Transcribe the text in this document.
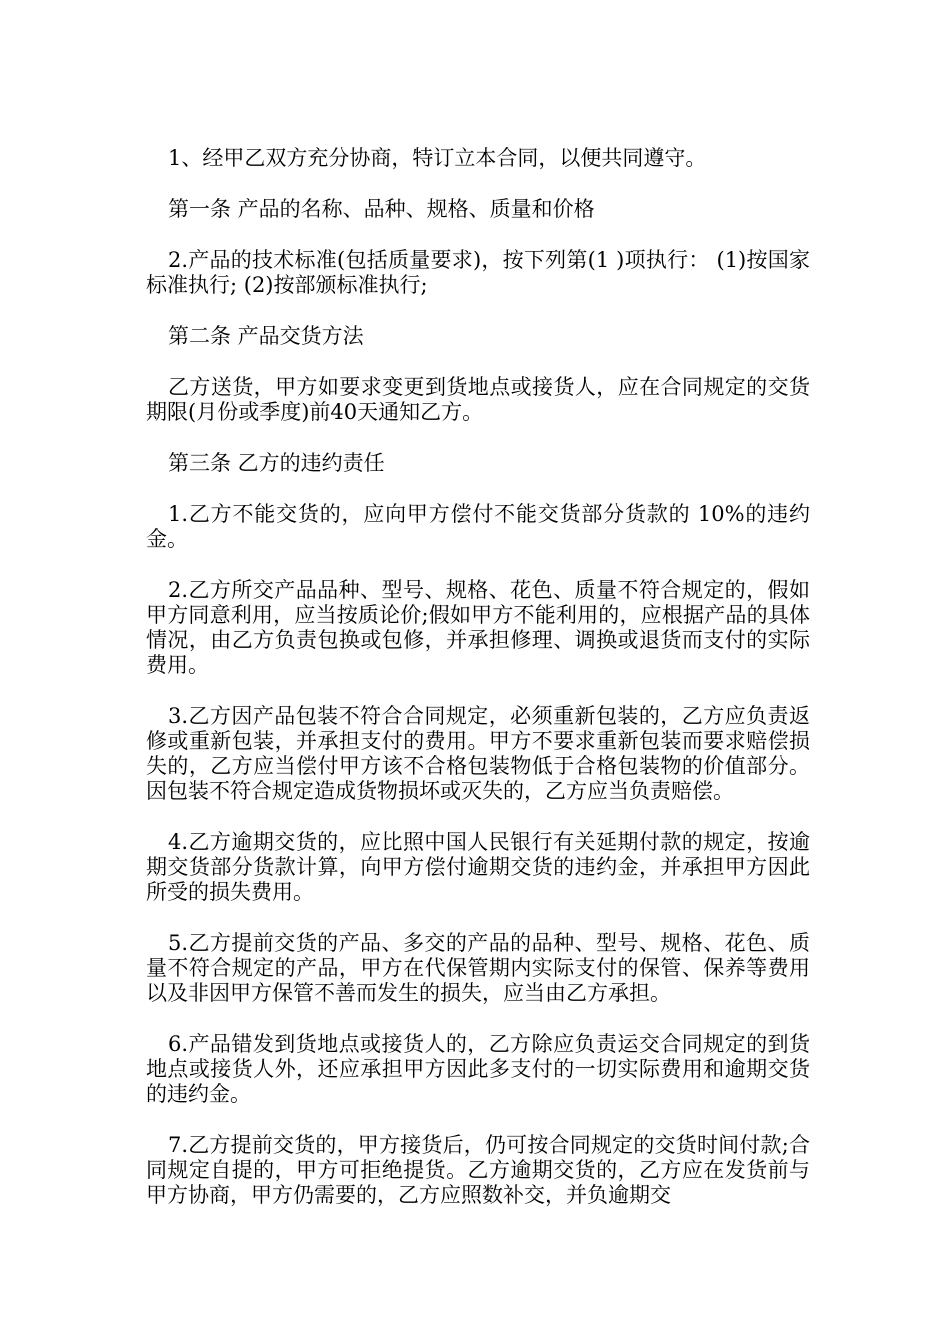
1、经甲乙双方充分协商，特订立本合同，以便共同遵守。

第一条 产品的名称、品种、规格、质量和价格

2.产品的技术标准(包括质量要求)，按下列第(1 )项执行： (1)按国家标准执行; (2)按部颁标准执行;

第二条 产品交货方法

乙方送货，甲方如要求变更到货地点或接货人，应在合同规定的交货期限(月份或季度)前40天通知乙方。

第三条 乙方的违约责任

1.乙方不能交货的，应向甲方偿付不能交货部分货款的 10%的违约金。

2.乙方所交产品品种、型号、规格、花色、质量不符合规定的，假如甲方同意利用，应当按质论价;假如甲方不能利用的，应根据产品的具体情况，由乙方负责包换或包修，并承担修理、调换或退货而支付的实际费用。

3.乙方因产品包装不符合合同规定，必须重新包装的，乙方应负责返修或重新包装，并承担支付的费用。甲方不要求重新包装而要求赔偿损失的，乙方应当偿付甲方该不合格包装物低于合格包装物的价值部分。因包装不符合规定造成货物损坏或灭失的，乙方应当负责赔偿。

4.乙方逾期交货的，应比照中国人民银行有关延期付款的规定，按逾期交货部分货款计算，向甲方偿付逾期交货的违约金，并承担甲方因此所受的损失费用。

5.乙方提前交货的产品、多交的产品的品种、型号、规格、花色、质量不符合规定的产品，甲方在代保管期内实际支付的保管、保养等费用以及非因甲方保管不善而发生的损失，应当由乙方承担。

6.产品错发到货地点或接货人的，乙方除应负责运交合同规定的到货地点或接货人外，还应承担甲方因此多支付的一切实际费用和逾期交货的违约金。

7.乙方提前交货的，甲方接货后，仍可按合同规定的交货时间付款;合同规定自提的，甲方可拒绝提货。乙方逾期交货的，乙方应在发货前与甲方协商，甲方仍需要的，乙方应照数补交，并负逾期交
